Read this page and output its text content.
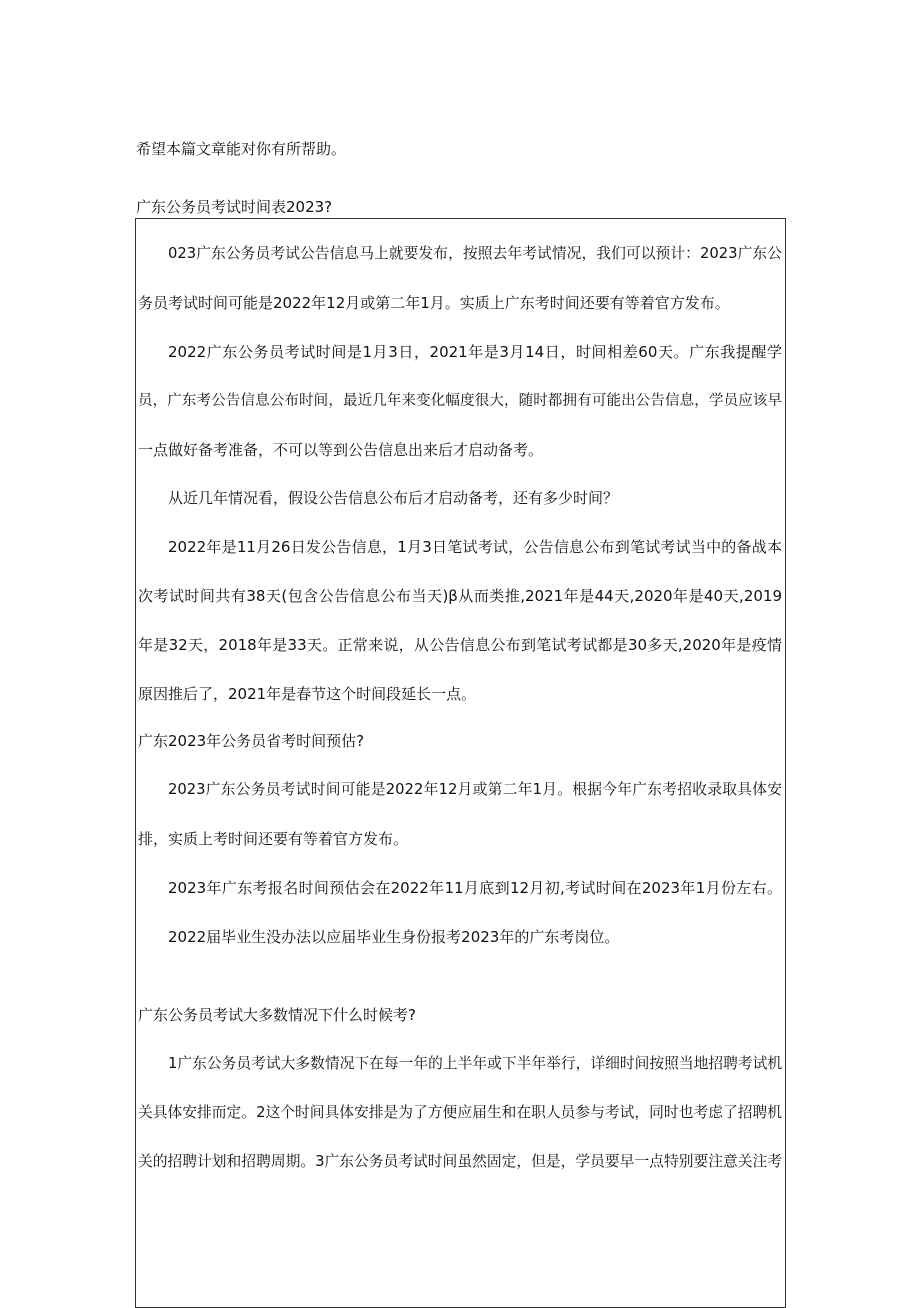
希望本篇文章能对你有所帮助。
广东公务员考试时间表2023?
023广东公务员考试公告信息马上就要发布，按照去年考试情况，我们可以预计：2023广东公
务员考试时间可能是2022年12月或第二年1月。实质上广东考时间还要有等着官方发布。
2022广东公务员考试时间是1月3日，2021年是3月14日，时间相差60天。广东我提醒学
员，广东考公告信息公布时间，最近几年来变化幅度很大，随时都拥有可能出公告信息，学员应该早
一点做好备考准备，不可以等到公告信息出来后才启动备考。
从近几年情况看，假设公告信息公布后才启动备考，还有多少时间？
2022年是11月26日发公告信息，1月3日笔试考试，公告信息公布到笔试考试当中的备战本
次考试时间共有38天(包含公告信息公布当天)β从而类推,2021年是44天,2020年是40天,2019
年是32天，2018年是33天。正常来说，从公告信息公布到笔试考试都是30多天,2020年是疫情
原因推后了，2021年是春节这个时间段延长一点。
广东2023年公务员省考时间预估?
2023广东公务员考试时间可能是2022年12月或第二年1月。根据今年广东考招收录取具体安
排，实质上考时间还要有等着官方发布。
2023年广东考报名时间预估会在2022年11月底到12月初,考试时间在2023年1月份左右。
2022届毕业生没办法以应届毕业生身份报考2023年的广东考岗位。
广东公务员考试大多数情况下什么时候考?
1广东公务员考试大多数情况下在每一年的上半年或下半年举行，详细时间按照当地招聘考试机
关具体安排而定。2这个时间具体安排是为了方便应届生和在职人员参与考试，同时也考虑了招聘机
关的招聘计划和招聘周期。3广东公务员考试时间虽然固定，但是，学员要早一点特别要注意关注考
